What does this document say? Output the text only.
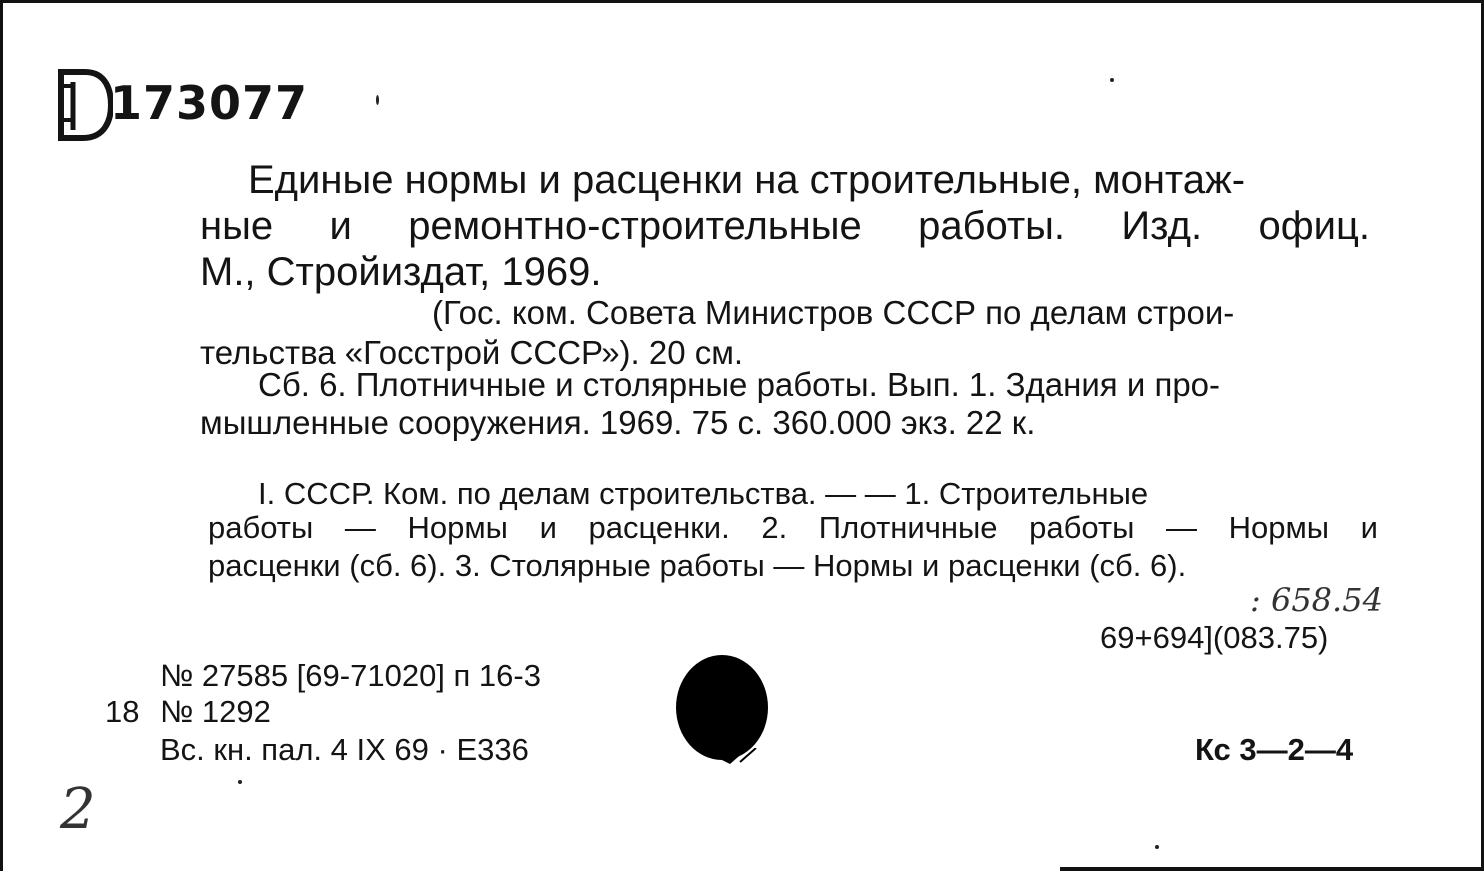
173077
Единые нормы и расценки на строительные, монтаж-
ные и ремонтно-строительные работы. Изд. офиц.
М., Стройиздат, 1969.
(Гос. ком. Совета Министров СССР по делам строи-
тельства «Госстрой СССР»). 20 см.
Сб. 6. Плотничные и столярные работы. Вып. 1. Здания и про-
мышленные сооружения. 1969. 75 с. 360.000 экз. 22 к.
I. СССР. Ком. по делам строительства. — — 1. Строительные
работы — Нормы и расценки. 2. Плотничные работы — Нормы и
расценки (сб. 6). 3. Столярные работы — Нормы и расценки (сб. 6).
: 658.54
69+694](083.75)
№ 27585 [69-71020] п 16-3
18 № 1292
Вс. кн. пал. 4 IX 69 · E336	Кс 3—2—4
2
